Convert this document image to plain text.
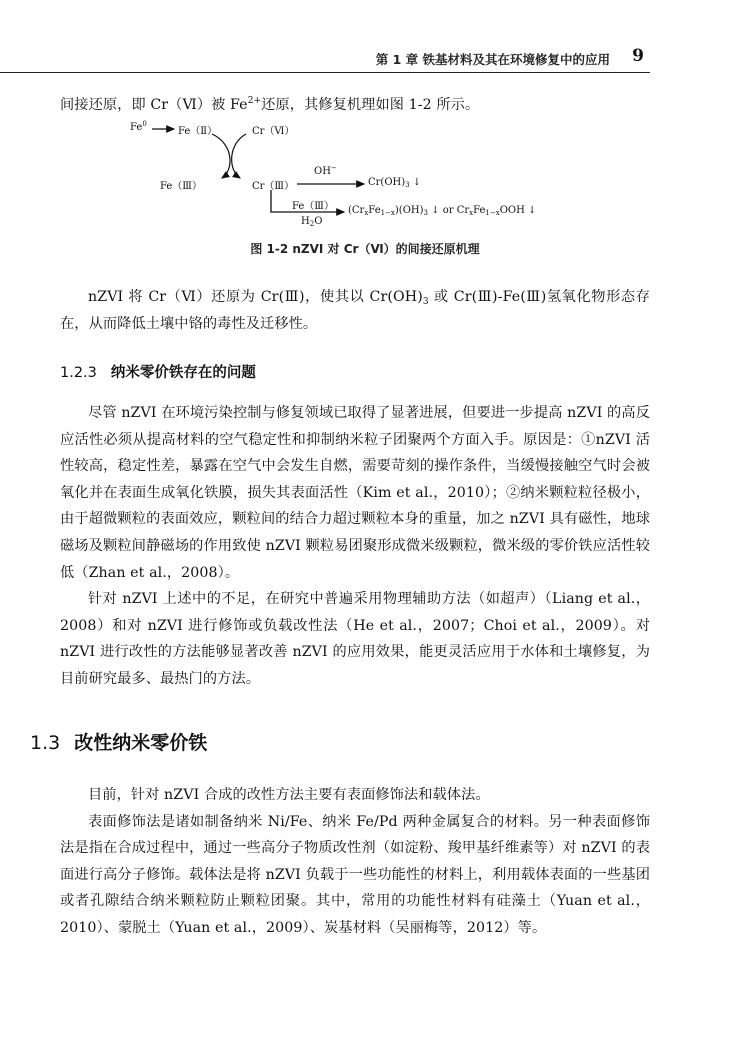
第 1 章 铁基材料及其在环境修复中的应用 9

间接还原，即 Cr（Ⅵ）被 $Fe^{2+}$还原，其修复机理如图 1-2 所示。

Fe$^0$
Fe（Ⅱ）	Cr（Ⅵ）
Fe（Ⅲ）	Cr（Ⅲ）
OH−
$Cr(OH)_3$ ↓
Fe（Ⅲ）
$H_2O$
$(Cr_xFe_{1-x})(OH)_3$ ↓ or $Cr_xFe_{1-x}OOH$ ↓
图 1-2 nZVI 对 Cr（Ⅵ）的间接还原机理

nZVI 将 Cr（Ⅵ）还原为 Cr(Ⅲ)，使其以 $Cr(OH)_3$ 或 Cr(Ⅲ)-Fe(Ⅲ)氢氧化物形态存在，从而降低土壤中铬的毒性及迁移性。

1.2.3 纳米零价铁存在的问题

尽管 nZVI 在环境污染控制与修复领域已取得了显著进展，但要进一步提高 nZVI 的高反应活性必须从提高材料的空气稳定性和抑制纳米粒子团聚两个方面入手。原因是：①nZVI 活性较高，稳定性差，暴露在空气中会发生自燃，需要苛刻的操作条件，当缓慢接触空气时会被氧化并在表面生成氧化铁膜，损失其表面活性（Kim et al.，2010）；②纳米颗粒粒径极小，由于超微颗粒的表面效应，颗粒间的结合力超过颗粒本身的重量，加之 nZVI 具有磁性，地球磁场及颗粒间静磁场的作用致使 nZVI 颗粒易团聚形成微米级颗粒，微米级的零价铁应活性较低（Zhan et al.，2008）。

针对 nZVI 上述中的不足，在研究中普遍采用物理辅助方法（如超声）（Liang et al.，2008）和对 nZVI 进行修饰或负载改性法（He et al.，2007；Choi et al.，2009）。对 nZVI 进行改性的方法能够显著改善 nZVI 的应用效果，能更灵活应用于水体和土壤修复，为目前研究最多、最热门的方法。

1.3 改性纳米零价铁

目前，针对 nZVI 合成的改性方法主要有表面修饰法和载体法。

表面修饰法是诸如制备纳米 Ni/Fe、纳米 Fe/Pd 两种金属复合的材料。另一种表面修饰法是指在合成过程中，通过一些高分子物质改性剂（如淀粉、羧甲基纤维素等）对 nZVI 的表面进行高分子修饰。载体法是将 nZVI 负载于一些功能性的材料上，利用载体表面的一些基团或者孔隙结合纳米颗粒防止颗粒团聚。其中，常用的功能性材料有硅藻土（Yuan et al.，2010）、蒙脱土（Yuan et al.，2009）、炭基材料（吴丽梅等，2012）等。
